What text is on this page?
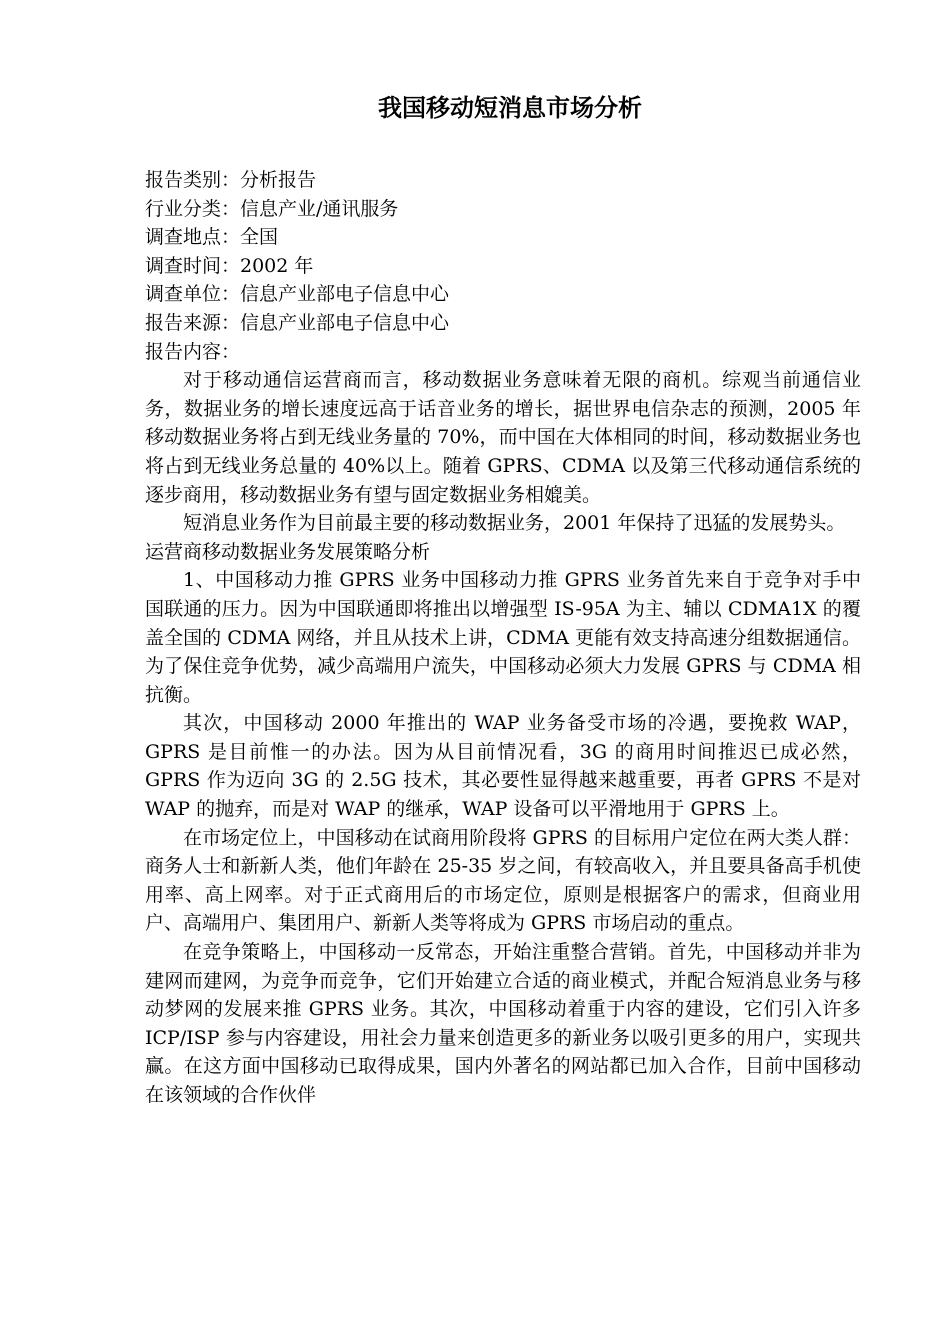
我国移动短消息市场分析

报告类别：分析报告

行业分类：信息产业/通讯服务

调查地点：全国

调查时间：2002 年

调查单位：信息产业部电子信息中心

报告来源：信息产业部电子信息中心

报告内容：

对于移动通信运营商而言，移动数据业务意味着无限的商机。综观当前通信业务，数据业务的增长速度远高于话音业务的增长，据世界电信杂志的预测，2005 年移动数据业务将占到无线业务量的 70%，而中国在大体相同的时间，移动数据业务也将占到无线业务总量的 40%以上。随着 GPRS、CDMA 以及第三代移动通信系统的逐步商用，移动数据业务有望与固定数据业务相媲美。

短消息业务作为目前最主要的移动数据业务，2001 年保持了迅猛的发展势头。

运营商移动数据业务发展策略分析

1、中国移动力推 GPRS 业务中国移动力推 GPRS 业务首先来自于竞争对手中国联通的压力。因为中国联通即将推出以增强型 IS-95A 为主、辅以 CDMA1X 的覆盖全国的 CDMA 网络，并且从技术上讲，CDMA 更能有效支持高速分组数据通信。为了保住竞争优势，减少高端用户流失，中国移动必须大力发展 GPRS 与 CDMA 相抗衡。

其次，中国移动 2000 年推出的 WAP 业务备受市场的冷遇，要挽救 WAP，GPRS 是目前惟一的办法。因为从目前情况看，3G 的商用时间推迟已成必然，GPRS 作为迈向 3G 的 2.5G 技术，其必要性显得越来越重要，再者 GPRS 不是对 WAP 的抛弃，而是对 WAP 的继承，WAP 设备可以平滑地用于 GPRS 上。

在市场定位上，中国移动在试商用阶段将 GPRS 的目标用户定位在两大类人群：商务人士和新新人类，他们年龄在 25-35 岁之间，有较高收入，并且要具备高手机使用率、高上网率。对于正式商用后的市场定位，原则是根据客户的需求，但商业用户、高端用户、集团用户、新新人类等将成为 GPRS 市场启动的重点。

在竞争策略上，中国移动一反常态，开始注重整合营销。首先，中国移动并非为建网而建网，为竞争而竞争，它们开始建立合适的商业模式，并配合短消息业务与移动梦网的发展来推 GPRS 业务。其次，中国移动着重于内容的建设，它们引入许多 ICP/ISP 参与内容建设，用社会力量来创造更多的新业务以吸引更多的用户，实现共赢。在这方面中国移动已取得成果，国内外著名的网站都已加入合作，目前中国移动在该领域的合作伙伴
